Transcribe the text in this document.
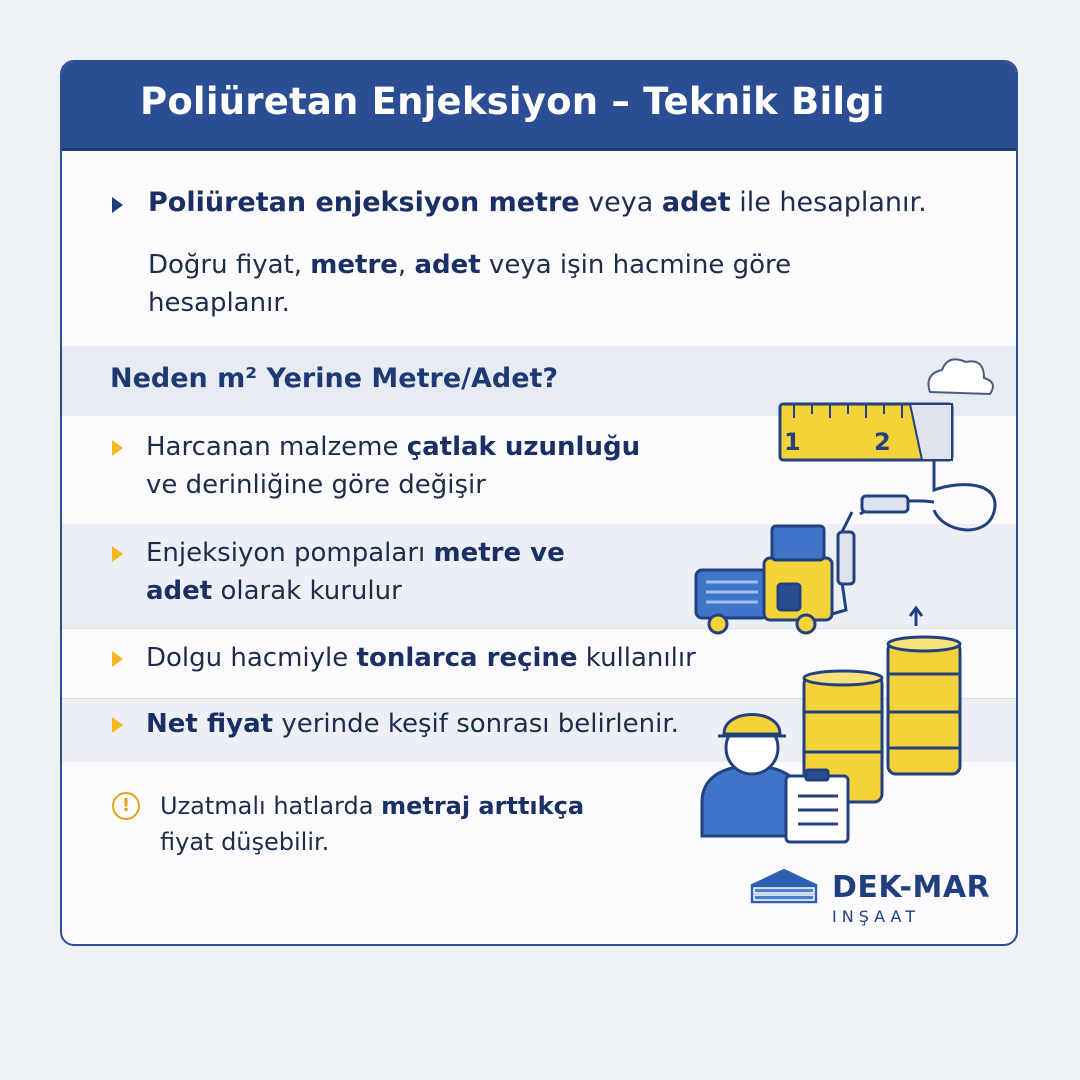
Poliüretan Enjeksiyon – Teknik Bilgi
Poliüretan enjeksiyon metre veya adet ile hesaplanır.
Doğru fiyat, metre, adet veya işin hacmine göre
hesaplanır.
Neden m² Yerine Metre/Adet?
Harcanan malzeme çatlak uzunluğu
ve derinliğine göre değişir
Enjeksiyon pompaları metre ve
adet olarak kurulur
Dolgu hacmiyle tonlarca reçine kullanılır
Net fiyat yerinde keşif sonrası belirlenir.
!	Uzatmalı hatlarda metraj arttıkça
fiyat düşebilir.
1	2
DEK-MAR
INŞAAT
